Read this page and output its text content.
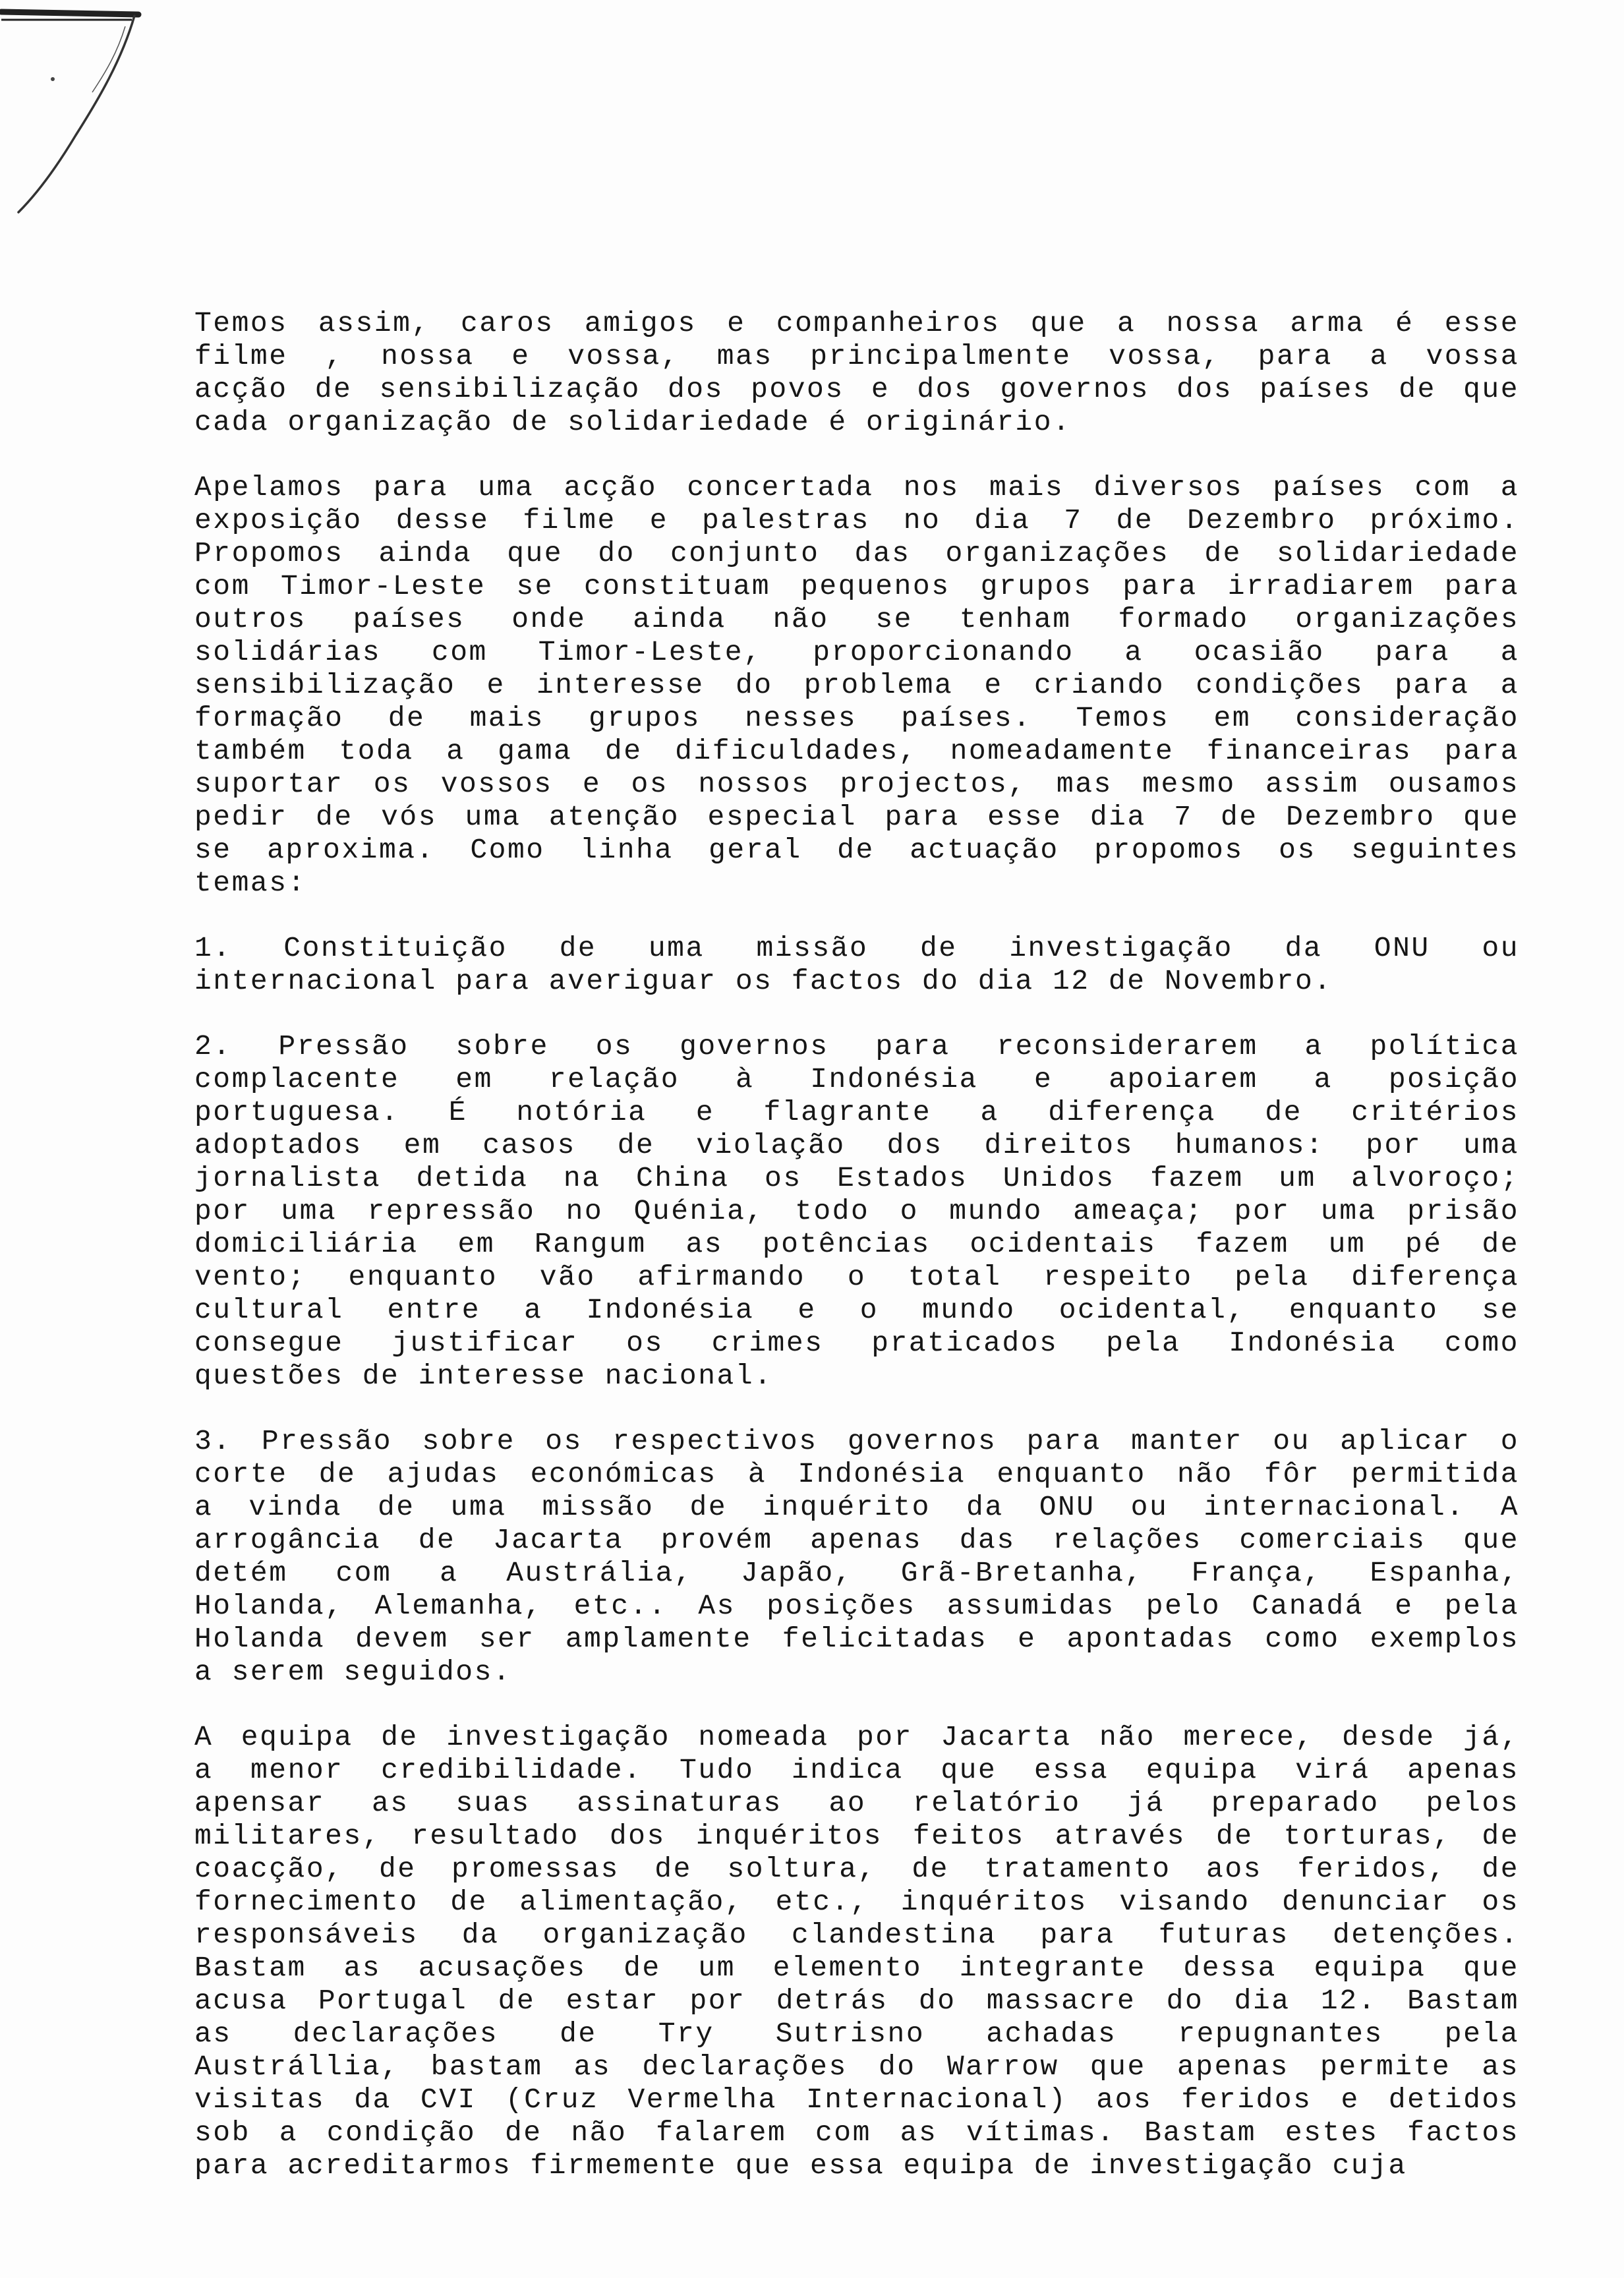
Temos assim, caros amigos e companheiros que a nossa arma é esse
filme , nossa e vossa, mas principalmente vossa, para a vossa
acção de sensibilização dos povos e dos governos dos países de que
cada organização de solidariedade é originário.
Apelamos para uma acção concertada nos mais diversos países com a
exposição desse filme e palestras no dia 7 de Dezembro próximo.
Propomos ainda que do conjunto das organizações de solidariedade
com Timor-Leste se constituam pequenos grupos para irradiarem para
outros países onde ainda não se tenham formado organizações
solidárias com Timor-Leste, proporcionando a ocasião para a
sensibilização e interesse do problema e criando condições para a
formação de mais grupos nesses países. Temos em consideração
também toda a gama de dificuldades, nomeadamente financeiras para
suportar os vossos e os nossos projectos, mas mesmo assim ousamos
pedir de vós uma atenção especial para esse dia 7 de Dezembro que
se aproxima. Como linha geral de actuação propomos os seguintes
temas:
1. Constituição de uma missão de investigação da ONU ou
internacional para averiguar os factos do dia 12 de Novembro.
2. Pressão sobre os governos para reconsiderarem a política
complacente em relação à Indonésia e apoiarem a posição
portuguesa. É notória e flagrante a diferença de critérios
adoptados em casos de violação dos direitos humanos: por uma
jornalista detida na China os Estados Unidos fazem um alvoroço;
por uma repressão no Quénia, todo o mundo ameaça; por uma prisão
domiciliária em Rangum as potências ocidentais fazem um pé de
vento; enquanto vão afirmando o total respeito pela diferença
cultural entre a Indonésia e o mundo ocidental, enquanto se
consegue justificar os crimes praticados pela Indonésia como
questões de interesse nacional.
3. Pressão sobre os respectivos governos para manter ou aplicar o
corte de ajudas económicas à Indonésia enquanto não fôr permitida
a vinda de uma missão de inquérito da ONU ou internacional. A
arrogância de Jacarta provém apenas das relações comerciais que
detém com a Austrália, Japão, Grã-Bretanha, França, Espanha,
Holanda, Alemanha, etc.. As posições assumidas pelo Canadá e pela
Holanda devem ser amplamente felicitadas e apontadas como exemplos
a serem seguidos.
A equipa de investigação nomeada por Jacarta não merece, desde já,
a menor credibilidade. Tudo indica que essa equipa virá apenas
apensar as suas assinaturas ao relatório já preparado pelos
militares, resultado dos inquéritos feitos através de torturas, de
coacção, de promessas de soltura, de tratamento aos feridos, de
fornecimento de alimentação, etc., inquéritos visando denunciar os
responsáveis da organização clandestina para futuras detenções.
Bastam as acusações de um elemento integrante dessa equipa que
acusa Portugal de estar por detrás do massacre do dia 12. Bastam
as declarações de Try Sutrisno achadas repugnantes pela
Austrállia, bastam as declarações do Warrow que apenas permite as
visitas da CVI (Cruz Vermelha Internacional) aos feridos e detidos
sob a condição de não falarem com as vítimas. Bastam estes factos
para acreditarmos firmemente que essa equipa de investigação cuja
